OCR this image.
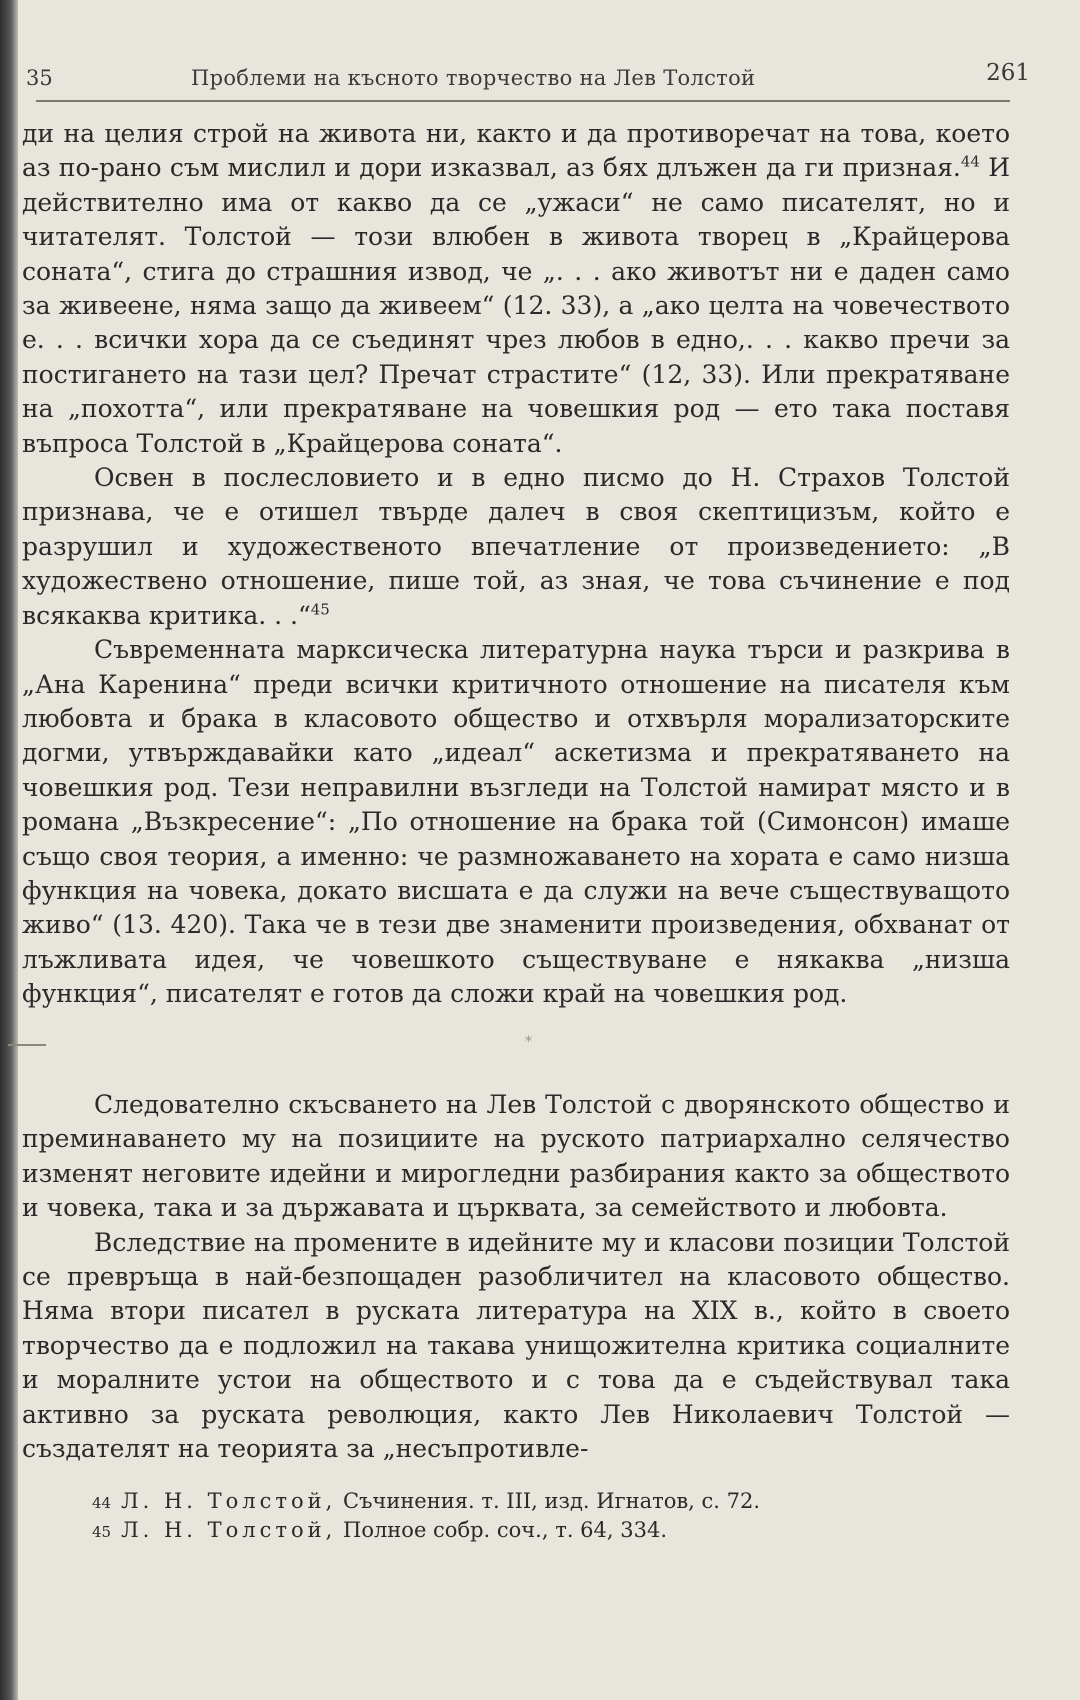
35	Проблеми на късното творчество на Лев Толстой	261

ди на целия строй на живота ни, както и да противоречат на това, което аз по-рано съм мислил и дори изказвал, аз бях длъжен да ги призная.$^{44}$ И действително има от какво да се „ужаси“ не само писателят, но и читателят. Толстой — този влюбен в живота творец в „Крайцерова соната“, стига до страшния извод, че „. . . ако животът ни е даден само за живеене, няма защо да живеем“ (12. 33), а „ако целта на човечеството е. . . всички хора да се съединят чрез любов в едно,. . . какво пречи за постигането на тази цел? Пречат страстите“ (12, 33). Или прекратяване на „похотта“, или прекратяване на човешкия род — ето така поставя въпроса Толстой в „Крайцерова соната“.

Освен в послесловието и в едно писмо до Н. Страхов Толстой признава, че е отишел твърде далеч в своя скептицизъм, който е разрушил и художественото впечатление от произведението: „В художествено отношение, пише той, аз зная, че това съчинение е под всякаква критика. . .“$^{45}$

Съвременната марксическа литературна наука търси и разкрива в „Ана Каренина“ преди всички критичното отношение на писателя към любовта и брака в класовото общество и отхвърля морализаторските догми, утвърждавайки като „идеал“ аскетизма и прекратяването на човешкия род. Тези неправилни възгледи на Толстой намират място и в романа „Възкресение“: „По отношение на брака той (Симонсон) имаше също своя теория, а именно: че размножаването на хората е само низша функция на човека, докато висшата е да служи на вече съществуващото живо“ (13. 420). Така че в тези две знаменити произведения, обхванат от лъжливата идея, че човешкото съществуване е някаква „низша функция“, писателят е готов да сложи край на човешкия род.

*

Следователно скъсването на Лев Толстой с дворянското общество и преминаването му на позициите на руското патриархално селячество изменят неговите идейни и мирогледни разбирания както за обществото и човека, така и за държавата и църквата, за семейството и любовта.

Вследствие на промените в идейните му и класови позиции Толстой се превръща в най-безпощаден разобличител на класовото общество. Няма втори писател в руската литература на XIX в., който в своето творчество да е подложил на такава унищожителна критика социалните и моралните устои на обществото и с това да е съдействувал така активно за руската революция, както Лев Николаевич Толстой — създателят на теорията за „несъпротивле-

44 Л. Н. Толстой, Съчинения. т. III, изд. Игнатов, с. 72.
45 Л. Н. Толстой, Полное собр. соч., т. 64, 334.
